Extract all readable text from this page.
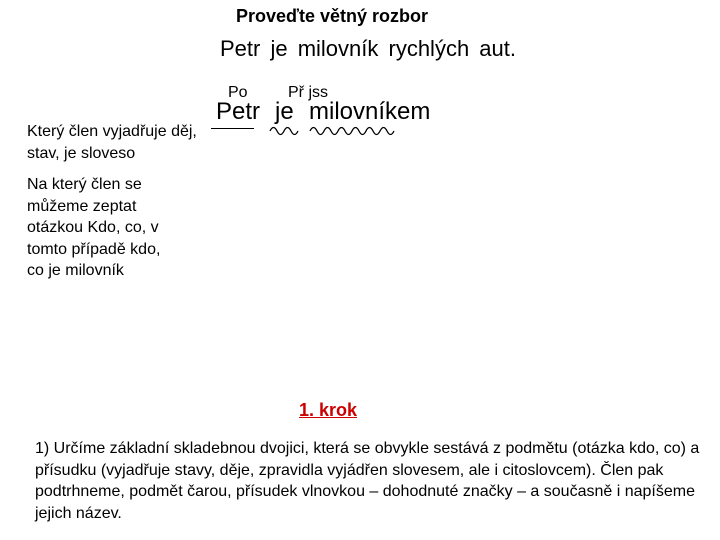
Proveďte větný rozbor
Petr je milovník rychlých aut.
Po	Př jss
Petr je milovníkem
Který člen vyjadřuje děj, stav, je sloveso
Na který člen se můžeme zeptat otázkou Kdo, co, v tomto případě kdo, co je milovník
1. krok
1) Určíme základní skladebnou dvojici, která se obvykle sestává z podmětu (otázka kdo, co) a přísudku (vyjadřuje stavy, děje, zpravidla vyjádřen slovesem, ale i citoslovcem). Člen pak podtrhneme, podmět čarou, přísudek vlnovkou – dohodnuté značky – a současně i napíšeme jejich název.
